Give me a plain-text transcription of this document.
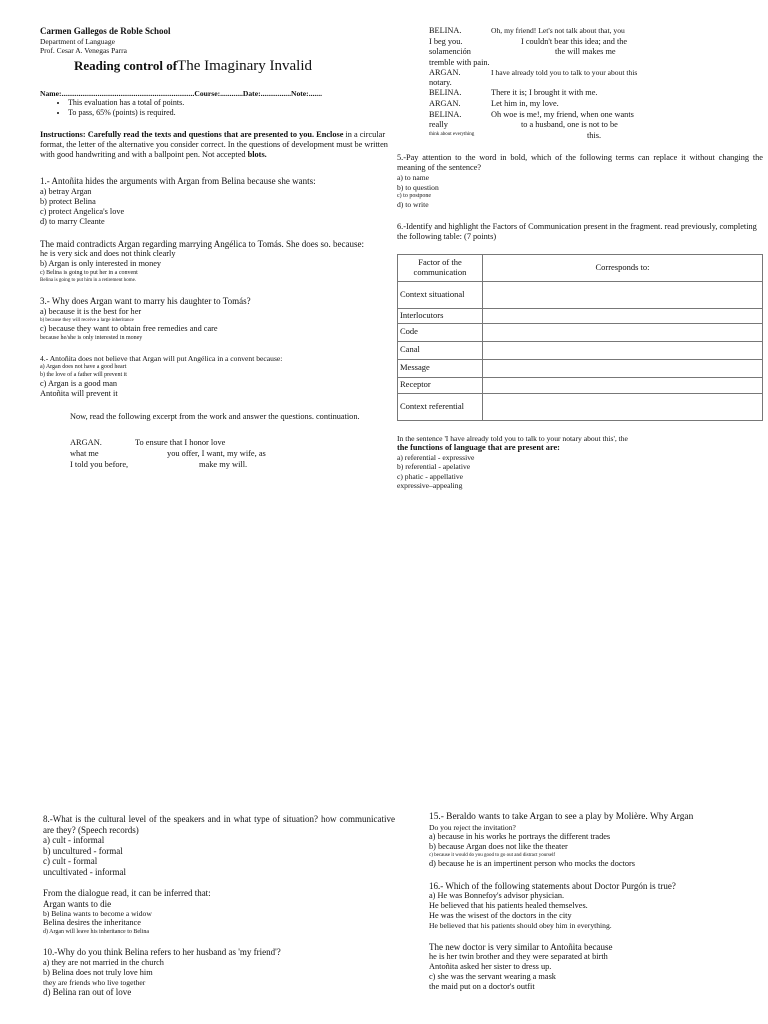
Carmen Gallegos de Roble School
Department of Language
Prof. Cesar A. Venegas Parra
Reading control ofThe Imaginary Invalid
Name:......................................................................Course:............Date:................Note:.......
• This evaluation has a total of points.
• To pass, 65% (points) is required.
Instructions: Carefully read the texts and questions that are presented to you. Enclose in a circular format, the letter of the alternative you consider correct. In the questions of development must be written with good handwriting and with a ballpoint pen. Not accepted blots.
1.- Antoñita hides the arguments with Argan from Belina because she wants:
a) betray Argan
b) protect Belina
c) protect Angelica's love
d) to marry Cleante
The maid contradicts Argan regarding marrying Angélica to Tomás. She does so. because:
he is very sick and does not think clearly
b) Argan is only interested in money
c) Belina is going to put her in a convent
Belina is going to put him in a retirement home.
3.- Why does Argan want to marry his daughter to Tomás?
a) because it is the best for her
b) because they will receive a large inheritance
c) because they want to obtain free remedies and care
because he/she is only interested in money
4.- Antoñita does not believe that Argan will put Angélica in a convent because:
a) Argan does not have a good heart
b) the love of a father will prevent it
c) Argan is a good man
Antoñita will prevent it
Now, read the following excerpt from the work and answer the questions. continuation.
ARGAN.	To ensure that I honor love
what me	you offer, I want, my wife, as
I told you before,	make my will.
BELINA.	Oh, my friend! Let's not talk about that, you
I beg you.	I couldn't bear this idea; and the
solamención	the will makes me
tremble with pain.
ARGAN.	I have already told you to talk to your about this
notary.
BELINA.	There it is; I brought it with me.
ARGAN.	Let him in, my love.
BELINA.	Oh woe is me!, my friend, when one wants
really	to a husband, one is not to be
think about everything	this.
5.-Pay attention to the word in bold, which of the following terms can replace it without changing the meaning of the sentence?
a) to name
b) to question
c) to postpone
d) to write
6.-Identify and highlight the Factors of Communication present in the fragment. read previously, completing the following table: (7 points)
Factor of the communication	Corresponds to:
Context situational	
Interlocutors	
Code	
Canal	
Message	
Receptor	
Context referential	
In the sentence 'I have already told you to talk to your notary about this', the
the functions of language that are present are:
a) referential - expressive
b) referential - apelative
c) phatic - appellative
expressive–appealing
8.-What is the cultural level of the speakers and in what type of situation? how communicative are they? (Speech records)
a) cult - informal
b) uncultured - formal
c) cult - formal
uncultivated - informal
From the dialogue read, it can be inferred that:
Argan wants to die
b) Belina wants to become a widow
Belina desires the inheritance
d) Argan will leave his inheritance to Belina
10.-Why do you think Belina refers to her husband as 'my friend'?
a) they are not married in the church
b) Belina does not truly love him
they are friends who live together
d) Belina ran out of love
15.- Beraldo wants to take Argan to see a play by Molière. Why Argan
Do you reject the invitation?
a) because in his works he portrays the different trades
b) because Argan does not like the theater
c) because it would do you good to go out and distract yourself
d) because he is an impertinent person who mocks the doctors
16.- Which of the following statements about Doctor Purgón is true?
a) He was Bonnefoy's advisor physician.
He believed that his patients healed themselves.
He was the wisest of the doctors in the city
He believed that his patients should obey him in everything.
The new doctor is very similar to Antoñita because
he is her twin brother and they were separated at birth
Antoñita asked her sister to dress up.
c) she was the servant wearing a mask
the maid put on a doctor's outfit
